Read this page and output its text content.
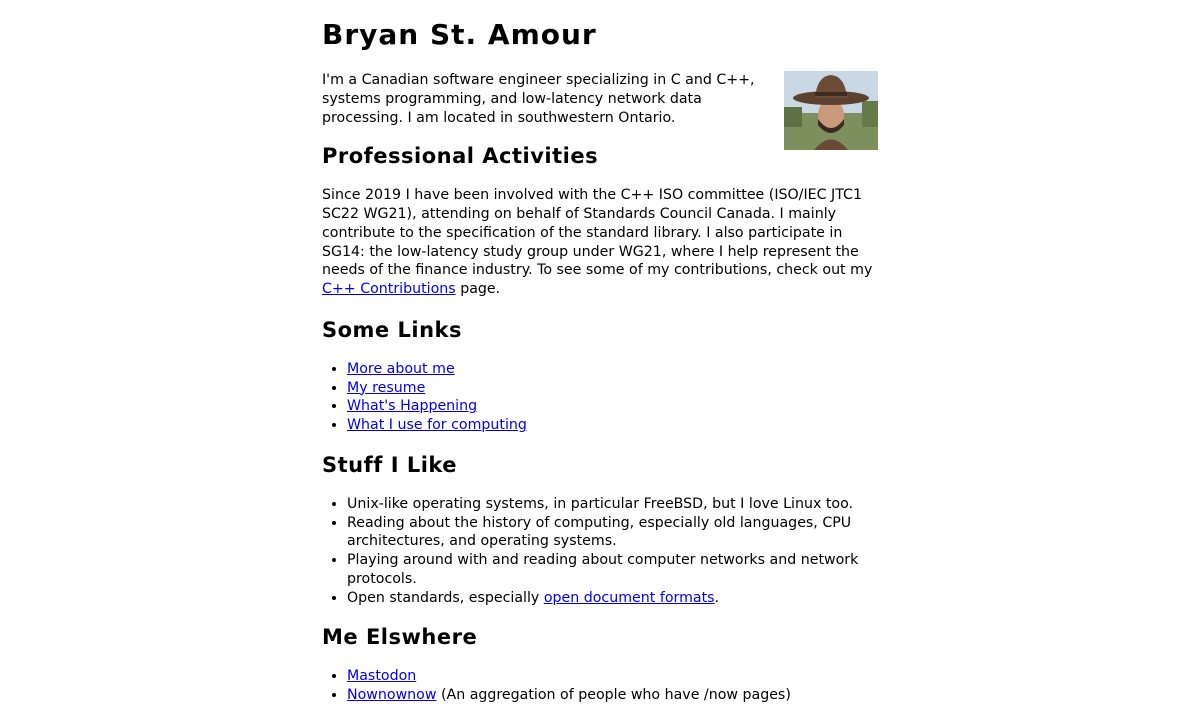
Bryan St. Amour

I'm a Canadian software engineer specializing in C and C++, systems programming, and low-latency network data processing. I am located in southwestern Ontario.

Professional Activities

Since 2019 I have been involved with the C++ ISO committee (ISO/IEC JTC1 SC22 WG21), attending on behalf of Standards Council Canada. I mainly contribute to the specification of the standard library. I also participate in SG14: the low-latency study group under WG21, where I help represent the needs of the finance industry. To see some of my contributions, check out my C++ Contributions page.

Some Links
• More about me
• My resume
• What's Happening
• What I use for computing
Stuff I Like
• Unix-like operating systems, in particular FreeBSD, but I love Linux too.
• Reading about the history of computing, especially old languages, CPU architectures, and operating systems.
• Playing around with and reading about computer networks and network protocols.
• Open standards, especially open document formats.
Me Elswhere
• Mastodon
• Nownownow (An aggregation of people who have /now pages)
